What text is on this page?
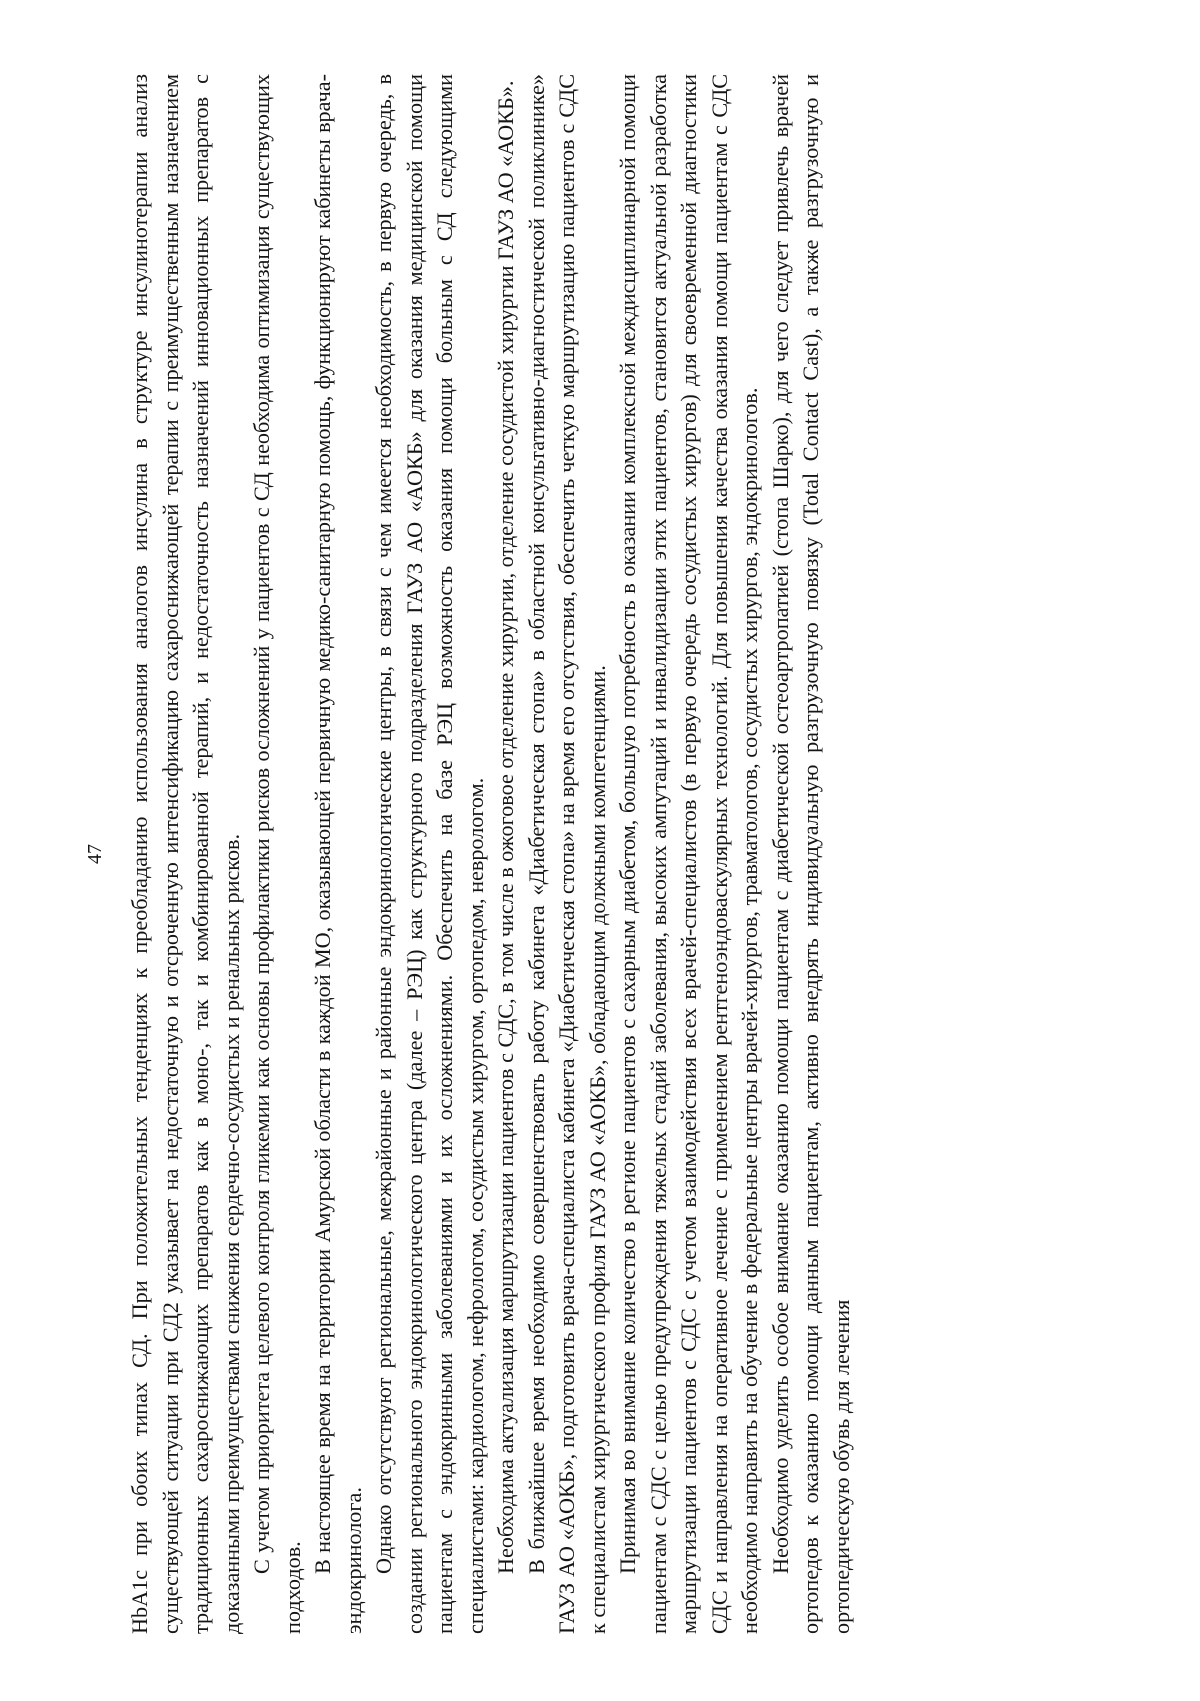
47 HbA1c при обоих типах СД. При положительных тенденциях к преобладанию использования аналогов инсулина в структуре инсулинотерапии анализ существующей ситуации при СД2 указывает на недостаточную и отсроченную интенсификацию сахароснижающей терапии с преимущественным назначением традиционных сахароснижающих препаратов как в моно-, так и комбинированной терапий, и недостаточность назначений инновационных препаратов с доказанными преимуществами снижения сердечно-сосудистых и ренальных рисков. С учетом приоритета целевого контроля гликемии как основы профилактики рисков осложнений у пациентов с СД необходима оптимизация существующих подходов.

В настоящее время на территории Амурской области в каждой МО, оказывающей первичную медико-санитарную помощь, функционируют кабинеты врача-эндокринолога. Однако отсутствуют региональные, межрайонные и районные эндокринологические центры, в связи с чем имеется необходимость, в первую очередь, в создании регионального эндокринологического центра (далее – РЭЦ) как структурного подразделения ГАУЗ АО «АОКБ» для оказания медицинской помощи пациентам с эндокринными заболеваниями и их осложнениями. Обеспечить на базе РЭЦ возможность оказания помощи больным с СД следующими специалистами: кардиологом, нефрологом, сосудистым хирургом, ортопедом, неврологом. Необходима актуализация маршрутизации пациентов с СДС, в том числе в ожоговое отделение хирургии, отделение сосудистой хирургии ГАУЗ АО «АОКБ». В ближайшее время необходимо совершенствовать работу кабинета «Диабетическая стопа» в областной консультативно-диагностической поликлинике» ГАУЗ АО «АОКБ», подготовить врача-специалиста кабинета «Диабетическая стопа» на время его отсутствия, обеспечить четкую маршрутизацию пациентов с СДС к специалистам хирургического профиля ГАУЗ АО «АОКБ», обладающим должными компетенциями. Принимая во внимание количество в регионе пациентов с сахарным диабетом, большую потребность в оказании комплексной междисциплинарной помощи пациентам с СДС с целью предупреждения тяжелых стадий заболевания, высоких ампутаций и инвалидизации этих пациентов, становится актуальной разработка маршрутизации пациентов с СДС с учетом взаимодействия всех врачей-специалистов (в первую очередь сосудистых хирургов) для своевременной диагностики СДС и направления на оперативное лечение с применением рентгеноэндоваскулярных технологий. Для повышения качества оказания помощи пациентам с СДС необходимо направить на обучение в федеральные центры врачей-хирургов, травматологов, сосудистых хирургов, эндокринологов. Необходимо уделить особое внимание оказанию помощи пациентам с диабетической остеоартропатией (стопа Шарко), для чего следует привлечь врачей ортопедов к оказанию помощи данным пациентам, активно внедрять индивидуальную разгрузочную повязку (Total Contact Cast), а также разгрузочную и ортопедическую обувь для лечения
